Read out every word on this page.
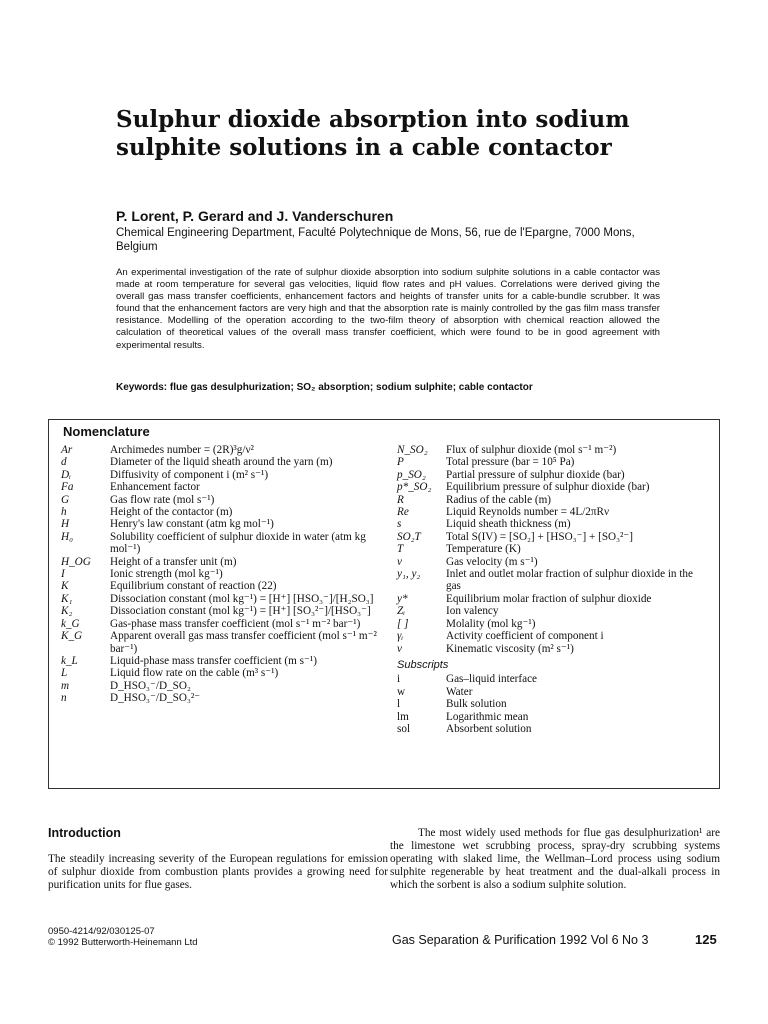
Sulphur dioxide absorption into sodium sulphite solutions in a cable contactor

P. Lorent, P. Gerard and J. Vanderschuren

Chemical Engineering Department, Faculté Polytechnique de Mons, 56, rue de l'Epargne, 7000 Mons, Belgium

An experimental investigation of the rate of sulphur dioxide absorption into sodium sulphite solutions in a cable contactor was made at room temperature for several gas velocities, liquid flow rates and pH values. Correlations were derived giving the overall gas mass transfer coefficients, enhancement factors and heights of transfer units for a cable-bundle scrubber. It was found that the enhancement factors are very high and that the absorption rate is mainly controlled by the gas film mass transfer resistance. Modelling of the operation according to the two-film theory of absorption with chemical reaction allowed the calculation of theoretical values of the overall mass transfer coefficient, which were found to be in good agreement with experimental results.

Keywords: flue gas desulphurization; SO₂ absorption; sodium sulphite; cable contactor

Nomenclature

Ar	Archimedes number = (2R)³g/ν²
d	Diameter of the liquid sheath around the yarn (m)
Dᵢ	Diffusivity of component i (m² s⁻¹)
Fa	Enhancement factor
G	Gas flow rate (mol s⁻¹)
h	Height of the contactor (m)
H	Henry's law constant (atm kg mol⁻¹)
H₀	Solubility coefficient of sulphur dioxide in water (atm kg mol⁻¹)
H_OG	Height of a transfer unit (m)
I	Ionic strength (mol kg⁻¹)
K	Equilibrium constant of reaction (22)
K₁	Dissociation constant (mol kg⁻¹) = [H⁺] [HSO₃⁻]/[H₂SO₃]
K₂	Dissociation constant (mol kg⁻¹) = [H⁺] [SO₃²⁻]/[HSO₃⁻]
k_G	Gas-phase mass transfer coefficient (mol s⁻¹ m⁻² bar⁻¹)
K_G	Apparent overall gas mass transfer coefficient (mol s⁻¹ m⁻² bar⁻¹)
k_L	Liquid-phase mass transfer coefficient (m s⁻¹)
L	Liquid flow rate on the cable (m³ s⁻¹)
m	D_HSO₃⁻/D_SO₂
n	D_HSO₃⁻/D_SO₃²⁻
N_SO₂	Flux of sulphur dioxide (mol s⁻¹ m⁻²)
P	Total pressure (bar = 10⁵ Pa)
p_SO₂	Partial pressure of sulphur dioxide (bar)
p*_SO₂	Equilibrium pressure of sulphur dioxide (bar)
R	Radius of the cable (m)
Re	Liquid Reynolds number = 4L/2πRν
s	Liquid sheath thickness (m)
SO₂T	Total S(IV) = [SO₂] + [HSO₃⁻] + [SO₃²⁻]
T	Temperature (K)
v	Gas velocity (m s⁻¹)
y₁, y₂	Inlet and outlet molar fraction of sulphur dioxide in the gas
y*	Equilibrium molar fraction of sulphur dioxide
Zᵢ	Ion valency
[ ]	Molality (mol kg⁻¹)
γᵢ	Activity coefficient of component i
ν	Kinematic viscosity (m² s⁻¹)
Subscripts
i	Gas–liquid interface
w	Water
l	Bulk solution
lm	Logarithmic mean
sol	Absorbent solution

Introduction

The steadily increasing severity of the European regulations for emission of sulphur dioxide from combustion plants provides a growing need for purification units for flue gases.

The most widely used methods for flue gas desulphurization¹ are the limestone wet scrubbing process, spray-dry scrubbing systems operating with slaked lime, the Wellman–Lord process using sodium sulphite regenerable by heat treatment and the dual-alkali process in which the sorbent is also a sodium sulphite solution.

0950-4214/92/030125-07

© 1992 Butterworth-Heinemann Ltd	Gas Separation & Purification 1992 Vol 6 No 3	125
